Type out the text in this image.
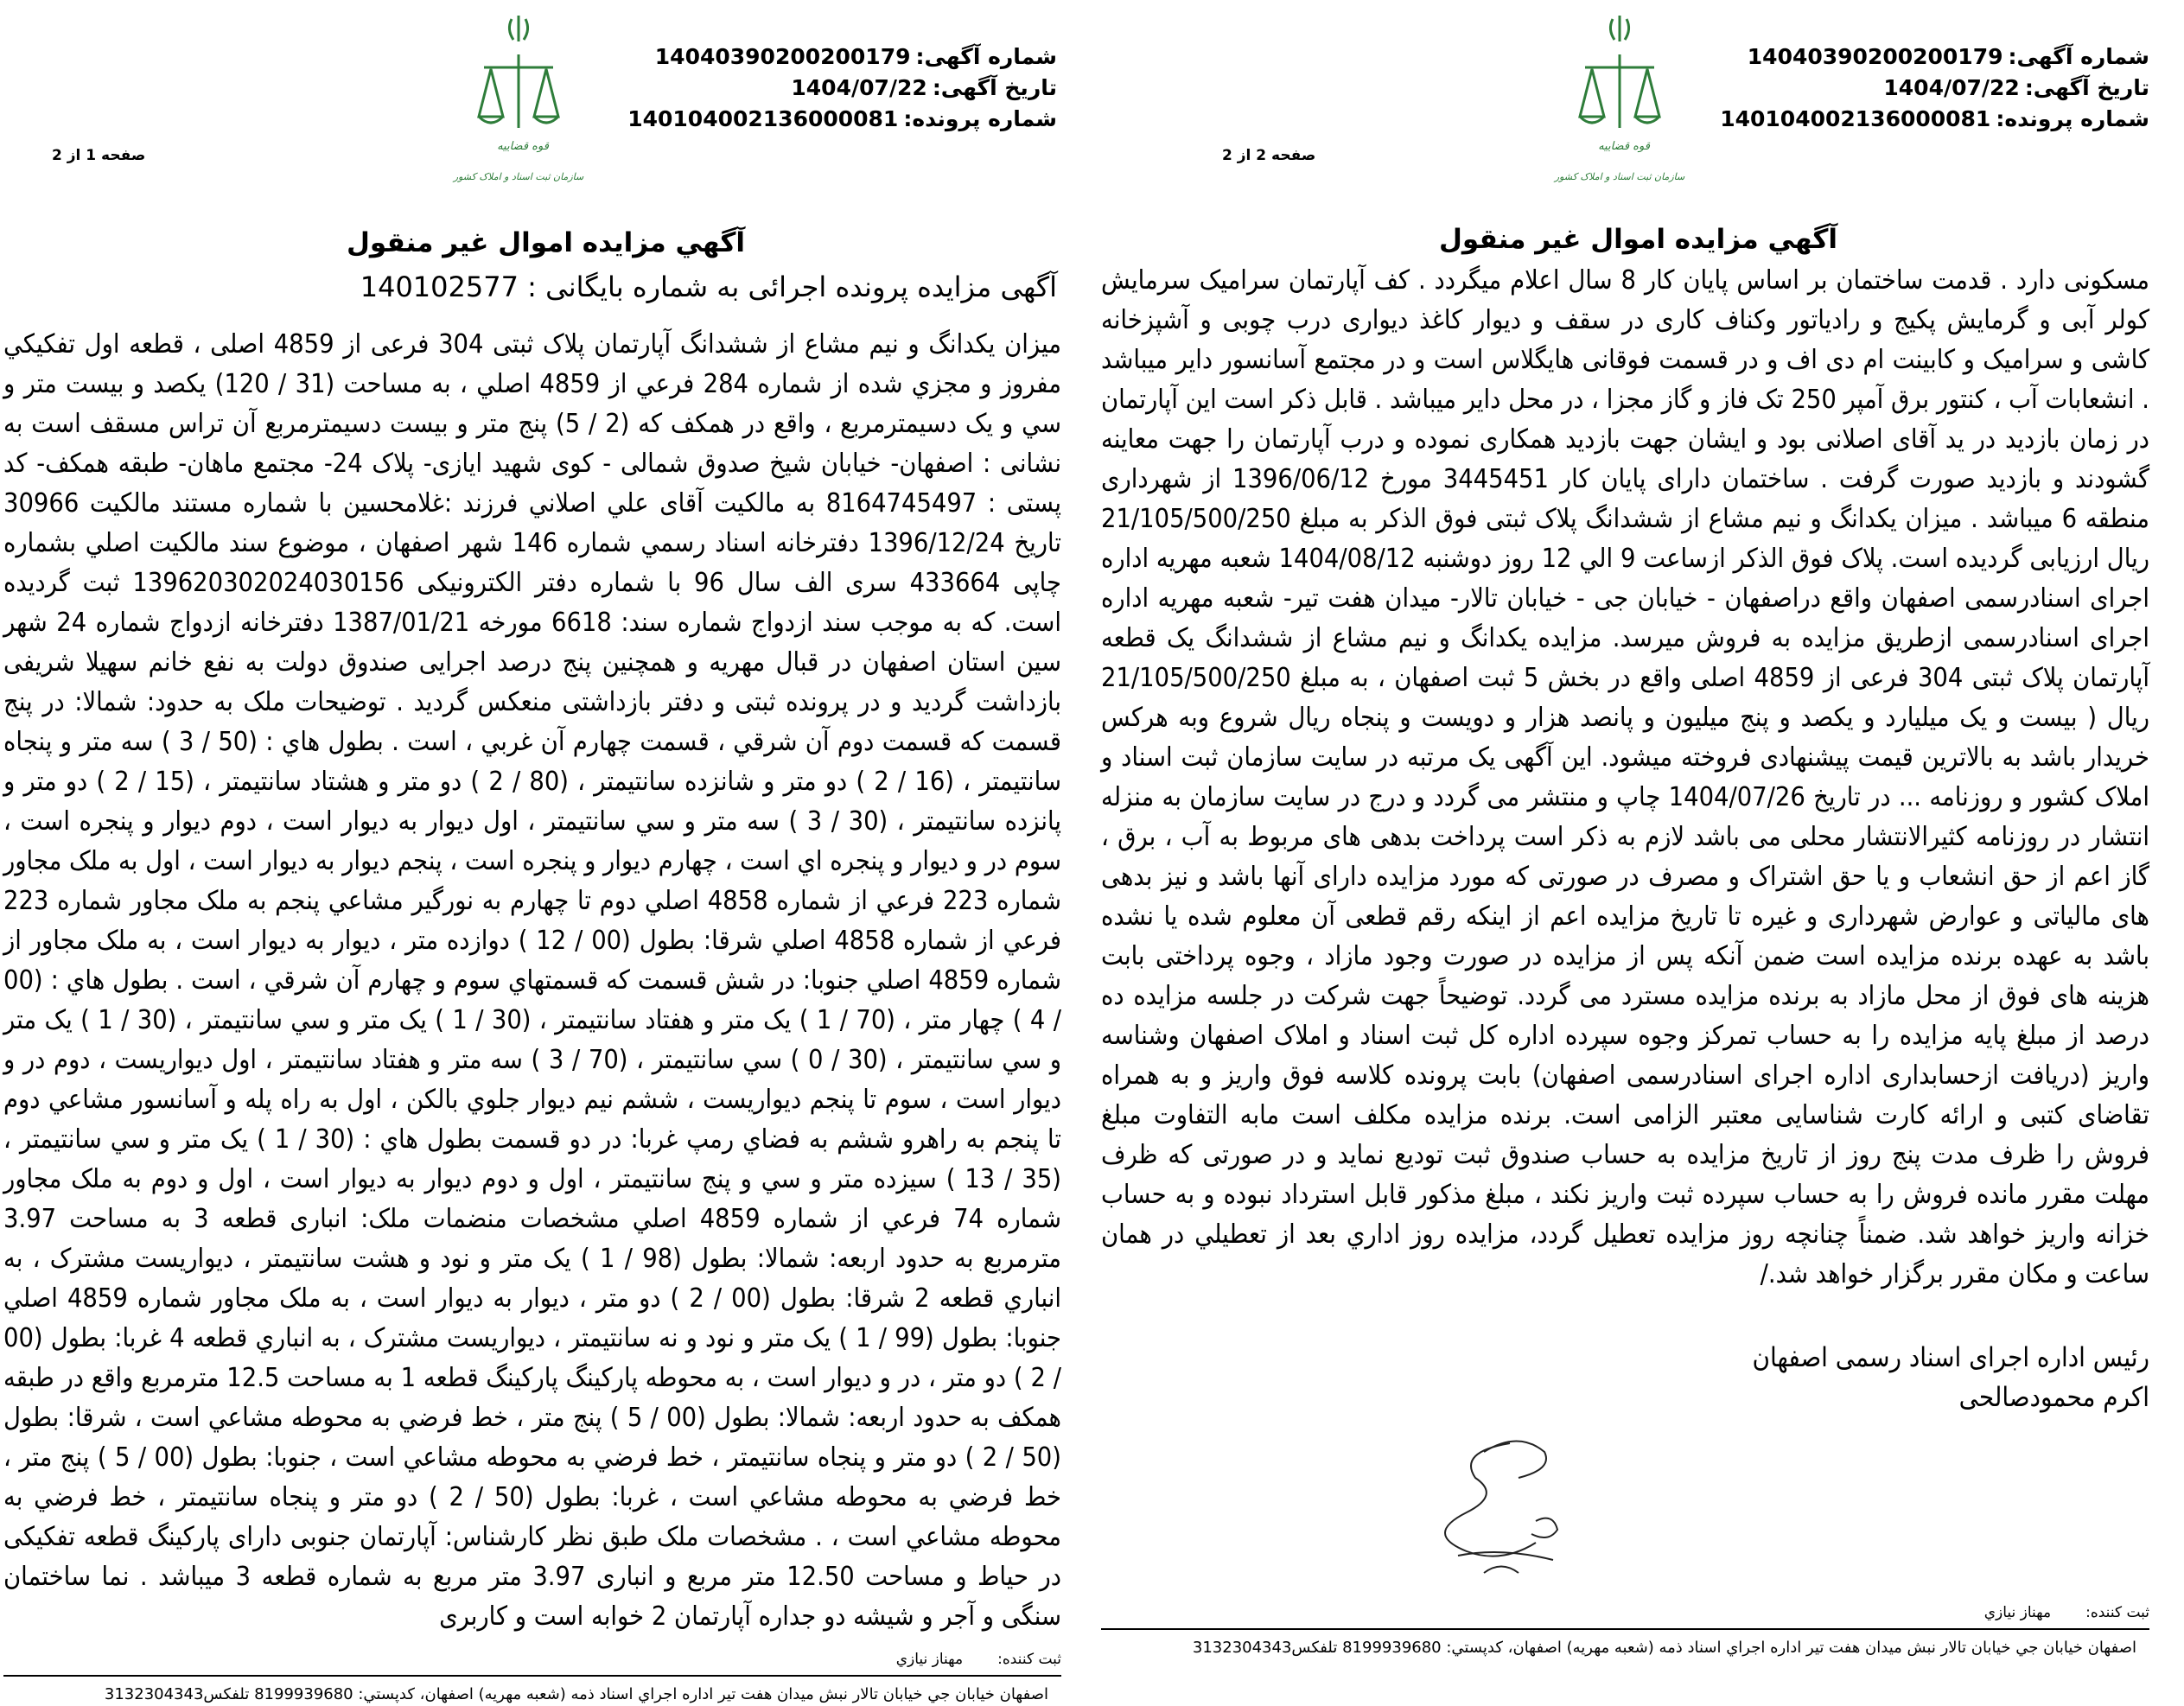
شماره آگهی:14040390200200179
تاریخ آگهی:1404/07/22
شماره پرونده:140104002136000081
قوه قضاییه
سازمان ثبت اسناد و املاک کشور
صفحه 1 از 2
آگهي مزایده اموال غیر منقول
آگهی مزایده پرونده اجرائی به شماره بایگانی : 140102577
میزان یکدانگ و نیم مشاع از ششدانگ آپارتمان پلاک ثبتی 304 فرعی از 4859 اصلی ، قطعه اول تفکیکي مفروز و مجزي شده از شماره 284 فرعي از 4859 اصلي ، به مساحت (31 / 120) یکصد و بیست متر و سي و یک دسیمترمربع ، واقع در همکف که (2 / 5) پنج متر و بیست دسیمترمربع آن تراس مسقف است به نشانی : اصفهان- خیابان شیخ صدوق شمالی - کوی شهید ایازی- پلاک 24- مجتمع ماهان- طبقه همکف- کد پستی : 8164745497 به مالکیت آقای علي اصلاني فرزند :غلامحسین با شماره مستند مالکیت 30966 تاریخ 1396/12/24 دفترخانه اسناد رسمي شماره 146 شهر اصفهان ، موضوع سند مالکیت اصلي بشماره چاپی 433664 سری الف سال 96 با شماره دفتر الکترونیکی 139620302024030156 ثبت گردیده است. که به موجب سند ازدواج شماره سند: 6618 مورخه 1387/01/21 دفترخانه ازدواج شماره 24 شهر سین استان اصفهان در قبال مهریه و همچنین پنج درصد اجرایی صندوق دولت به نفع خانم سهیلا شریفی بازداشت گردید و در پرونده ثبتی و دفتر بازداشتی منعکس گردید . توضیحات ملک به حدود: شمالا: در پنج قسمت که قسمت دوم آن شرقي ، قسمت چهارم آن غربي ، است . بطول هاي : (50 / 3 ) سه متر و پنجاه سانتیمتر ، (16 / 2 ) دو متر و شانزده سانتیمتر ، (80 / 2 ) دو متر و هشتاد سانتیمتر ، (15 / 2 ) دو متر و پانزده سانتیمتر ، (30 / 3 ) سه متر و سي سانتیمتر ، اول دیوار به دیوار است ، دوم دیوار و پنجره است ، سوم در و دیوار و پنجره اي است ، چهارم دیوار و پنجره است ، پنجم دیوار به دیوار است ، اول به ملک مجاور شماره 223 فرعي از شماره 4858 اصلي دوم تا چهارم به نورگیر مشاعي پنجم به ملک مجاور شماره 223 فرعي از شماره 4858 اصلي شرقا: بطول (00 / 12 ) دوازده متر ، دیوار به دیوار است ، به ملک مجاور از شماره 4859 اصلي جنوبا: در شش قسمت که قسمتهاي سوم و چهارم آن شرقي ، است . بطول هاي : (00 / 4 ) چهار متر ، (70 / 1 ) یک متر و هفتاد سانتیمتر ، (30 / 1 ) یک متر و سي سانتیمتر ، (30 / 1 ) یک متر و سي سانتیمتر ، (30 / 0 ) سي سانتیمتر ، (70 / 3 ) سه متر و هفتاد سانتیمتر ، اول دیواریست ، دوم در و دیوار است ، سوم تا پنجم دیواریست ، ششم نیم دیوار جلوي بالکن ، اول به راه پله و آسانسور مشاعي دوم تا پنجم به راهرو ششم به فضاي رمپ غربا: در دو قسمت بطول هاي : (30 / 1 ) یک متر و سي سانتیمتر ، (35 / 13 ) سیزده متر و سي و پنج سانتیمتر ، اول و دوم دیوار به دیوار است ، اول و دوم به ملک مجاور شماره 74 فرعي از شماره 4859 اصلي مشخصات منضمات ملک: انباری قطعه 3 به مساحت 3.97 مترمربع به حدود اربعه: شمالا: بطول (98 / 1 ) یک متر و نود و هشت سانتیمتر ، دیواریست مشترک ، به انباري قطعه 2 شرقا: بطول (00 / 2 ) دو متر ، دیوار به دیوار است ، به ملک مجاور شماره 4859 اصلي جنوبا: بطول (99 / 1 ) یک متر و نود و نه سانتیمتر ، دیواریست مشترک ، به انباري قطعه 4 غربا: بطول (00 / 2 ) دو متر ، در و دیوار است ، به محوطه پارکینگ پارکینگ قطعه 1 به مساحت 12.5 مترمربع واقع در طبقه همکف به حدود اربعه: شمالا: بطول (00 / 5 ) پنج متر ، خط فرضي به محوطه مشاعي است ، شرقا: بطول (50 / 2 ) دو متر و پنجاه سانتیمتر ، خط فرضي به محوطه مشاعي است ، جنوبا: بطول (00 / 5 ) پنج متر ، خط فرضي به محوطه مشاعي است ، غربا: بطول (50 / 2 ) دو متر و پنجاه سانتیمتر ، خط فرضي به محوطه مشاعي است ، . مشخصات ملک طبق نظر کارشناس: آپارتمان جنوبی دارای پارکینگ قطعه تفکیکی در حیاط و مساحت 12.50 متر مربع و انباری 3.97 متر مربع به شماره قطعه 3 میباشد . نما ساختمان سنگی و آجر و شیشه دو جداره آپارتمان 2 خوابه است و کاربری
ثبت کننده:مهناز نیازي
اصفهان خیابان جي خیابان تالار نبش میدان هفت تیر اداره اجراي اسناد ذمه (شعبه مهریه) اصفهان، کدپستي: 8199939680 تلفکس3132304343
شماره آگهی:14040390200200179
تاریخ آگهی:1404/07/22
شماره پرونده:140104002136000081
قوه قضاییه
سازمان ثبت اسناد و املاک کشور
صفحه 2 از 2
آگهي مزایده اموال غیر منقول
مسکونی دارد . قدمت ساختمان بر اساس پایان کار 8 سال اعلام میگردد . کف آپارتمان سرامیک سرمایش کولر آبی و گرمایش پکیج و رادیاتور وکناف کاری در سقف و دیوار کاغذ دیواری درب چوبی و آشپزخانه کاشی و سرامیک و کابینت ام دی اف و در قسمت فوقانی هایگلاس است و در مجتمع آسانسور دایر میباشد . انشعابات آب ، کنتور برق آمپر 250 تک فاز و گاز مجزا ، در محل دایر میباشد . قابل ذکر است این آپارتمان در زمان بازدید در ید آقای اصلانی بود و ایشان جهت بازدید همکاری نموده و درب آپارتمان را جهت معاینه گشودند و بازدید صورت گرفت . ساختمان دارای پایان کار 3445451 مورخ 1396/06/12 از شهرداری منطقه 6 میباشد . میزان یکدانگ و نیم مشاع از ششدانگ پلاک ثبتی فوق الذکر به مبلغ 21/105/500/250 ریال ارزیابی گردیده است. پلاک فوق الذکر ازساعت 9 الي 12 روز دوشنبه 1404/08/12 شعبه مهریه اداره اجرای اسنادرسمی اصفهان واقع دراصفهان - خیابان جی - خیابان تالار- میدان هفت تیر- شعبه مهریه اداره اجرای اسنادرسمی ازطریق مزایده به فروش میرسد. مزایده یکدانگ و نیم مشاع از ششدانگ یک قطعه آپارتمان پلاک ثبتی 304 فرعی از 4859 اصلی واقع در بخش 5 ثبت اصفهان ، به مبلغ 21/105/500/250 ریال ( بیست و یک میلیارد و یکصد و پنج میلیون و پانصد هزار و دویست و پنجاه ریال شروع وبه هرکس خریدار باشد به بالاترین قیمت پیشنهادی فروخته میشود. این آگهی یک مرتبه در سایت سازمان ثبت اسناد و املاک کشور و روزنامه ... در تاریخ 1404/07/26 چاپ و منتشر می گردد و درج در سایت سازمان به منزله انتشار در روزنامه کثیرالانتشار محلی می باشد لازم به ذکر است پرداخت بدهی های مربوط به آب ، برق ، گاز اعم از حق انشعاب و یا حق اشتراک و مصرف در صورتی که مورد مزایده دارای آنها باشد و نیز بدهی های مالیاتی و عوارض شهرداری و غیره تا تاریخ مزایده اعم از اینکه رقم قطعی آن معلوم شده یا نشده باشد به عهده برنده مزایده است ضمن آنکه پس از مزایده در صورت وجود مازاد ، وجوه پرداختی بابت هزینه های فوق از محل مازاد به برنده مزایده مسترد می گردد. توضیحاً جهت شرکت در جلسه مزایده ده درصد از مبلغ پایه مزایده را به حساب تمرکز وجوه سپرده اداره کل ثبت اسناد و املاک اصفهان وشناسه واریز (دریافت ازحسابداری اداره اجرای اسنادرسمی اصفهان) بابت پرونده کلاسه فوق واریز و به همراه تقاضای کتبی و ارائه کارت شناسایی معتبر الزامی است. برنده مزایده مکلف است مابه التفاوت مبلغ فروش را ظرف مدت پنج روز از تاریخ مزایده به حساب صندوق ثبت تودیع نماید و در صورتی که ظرف مهلت مقرر مانده فروش را به حساب سپرده ثبت واریز نکند ، مبلغ مذکور قابل استرداد نبوده و به حساب خزانه واریز خواهد شد. ضمناً چنانچه روز مزایده تعطیل گردد، مزایده روز اداري بعد از تعطیلي در همان ساعت و مکان مقرر برگزار خواهد شد./
رئیس اداره اجرای اسناد رسمی اصفهان
اکرم محمودصالحی
ثبت کننده:مهناز نیازي
اصفهان خیابان جي خیابان تالار نبش میدان هفت تیر اداره اجراي اسناد ذمه (شعبه مهریه) اصفهان، کدپستي: 8199939680 تلفکس3132304343
